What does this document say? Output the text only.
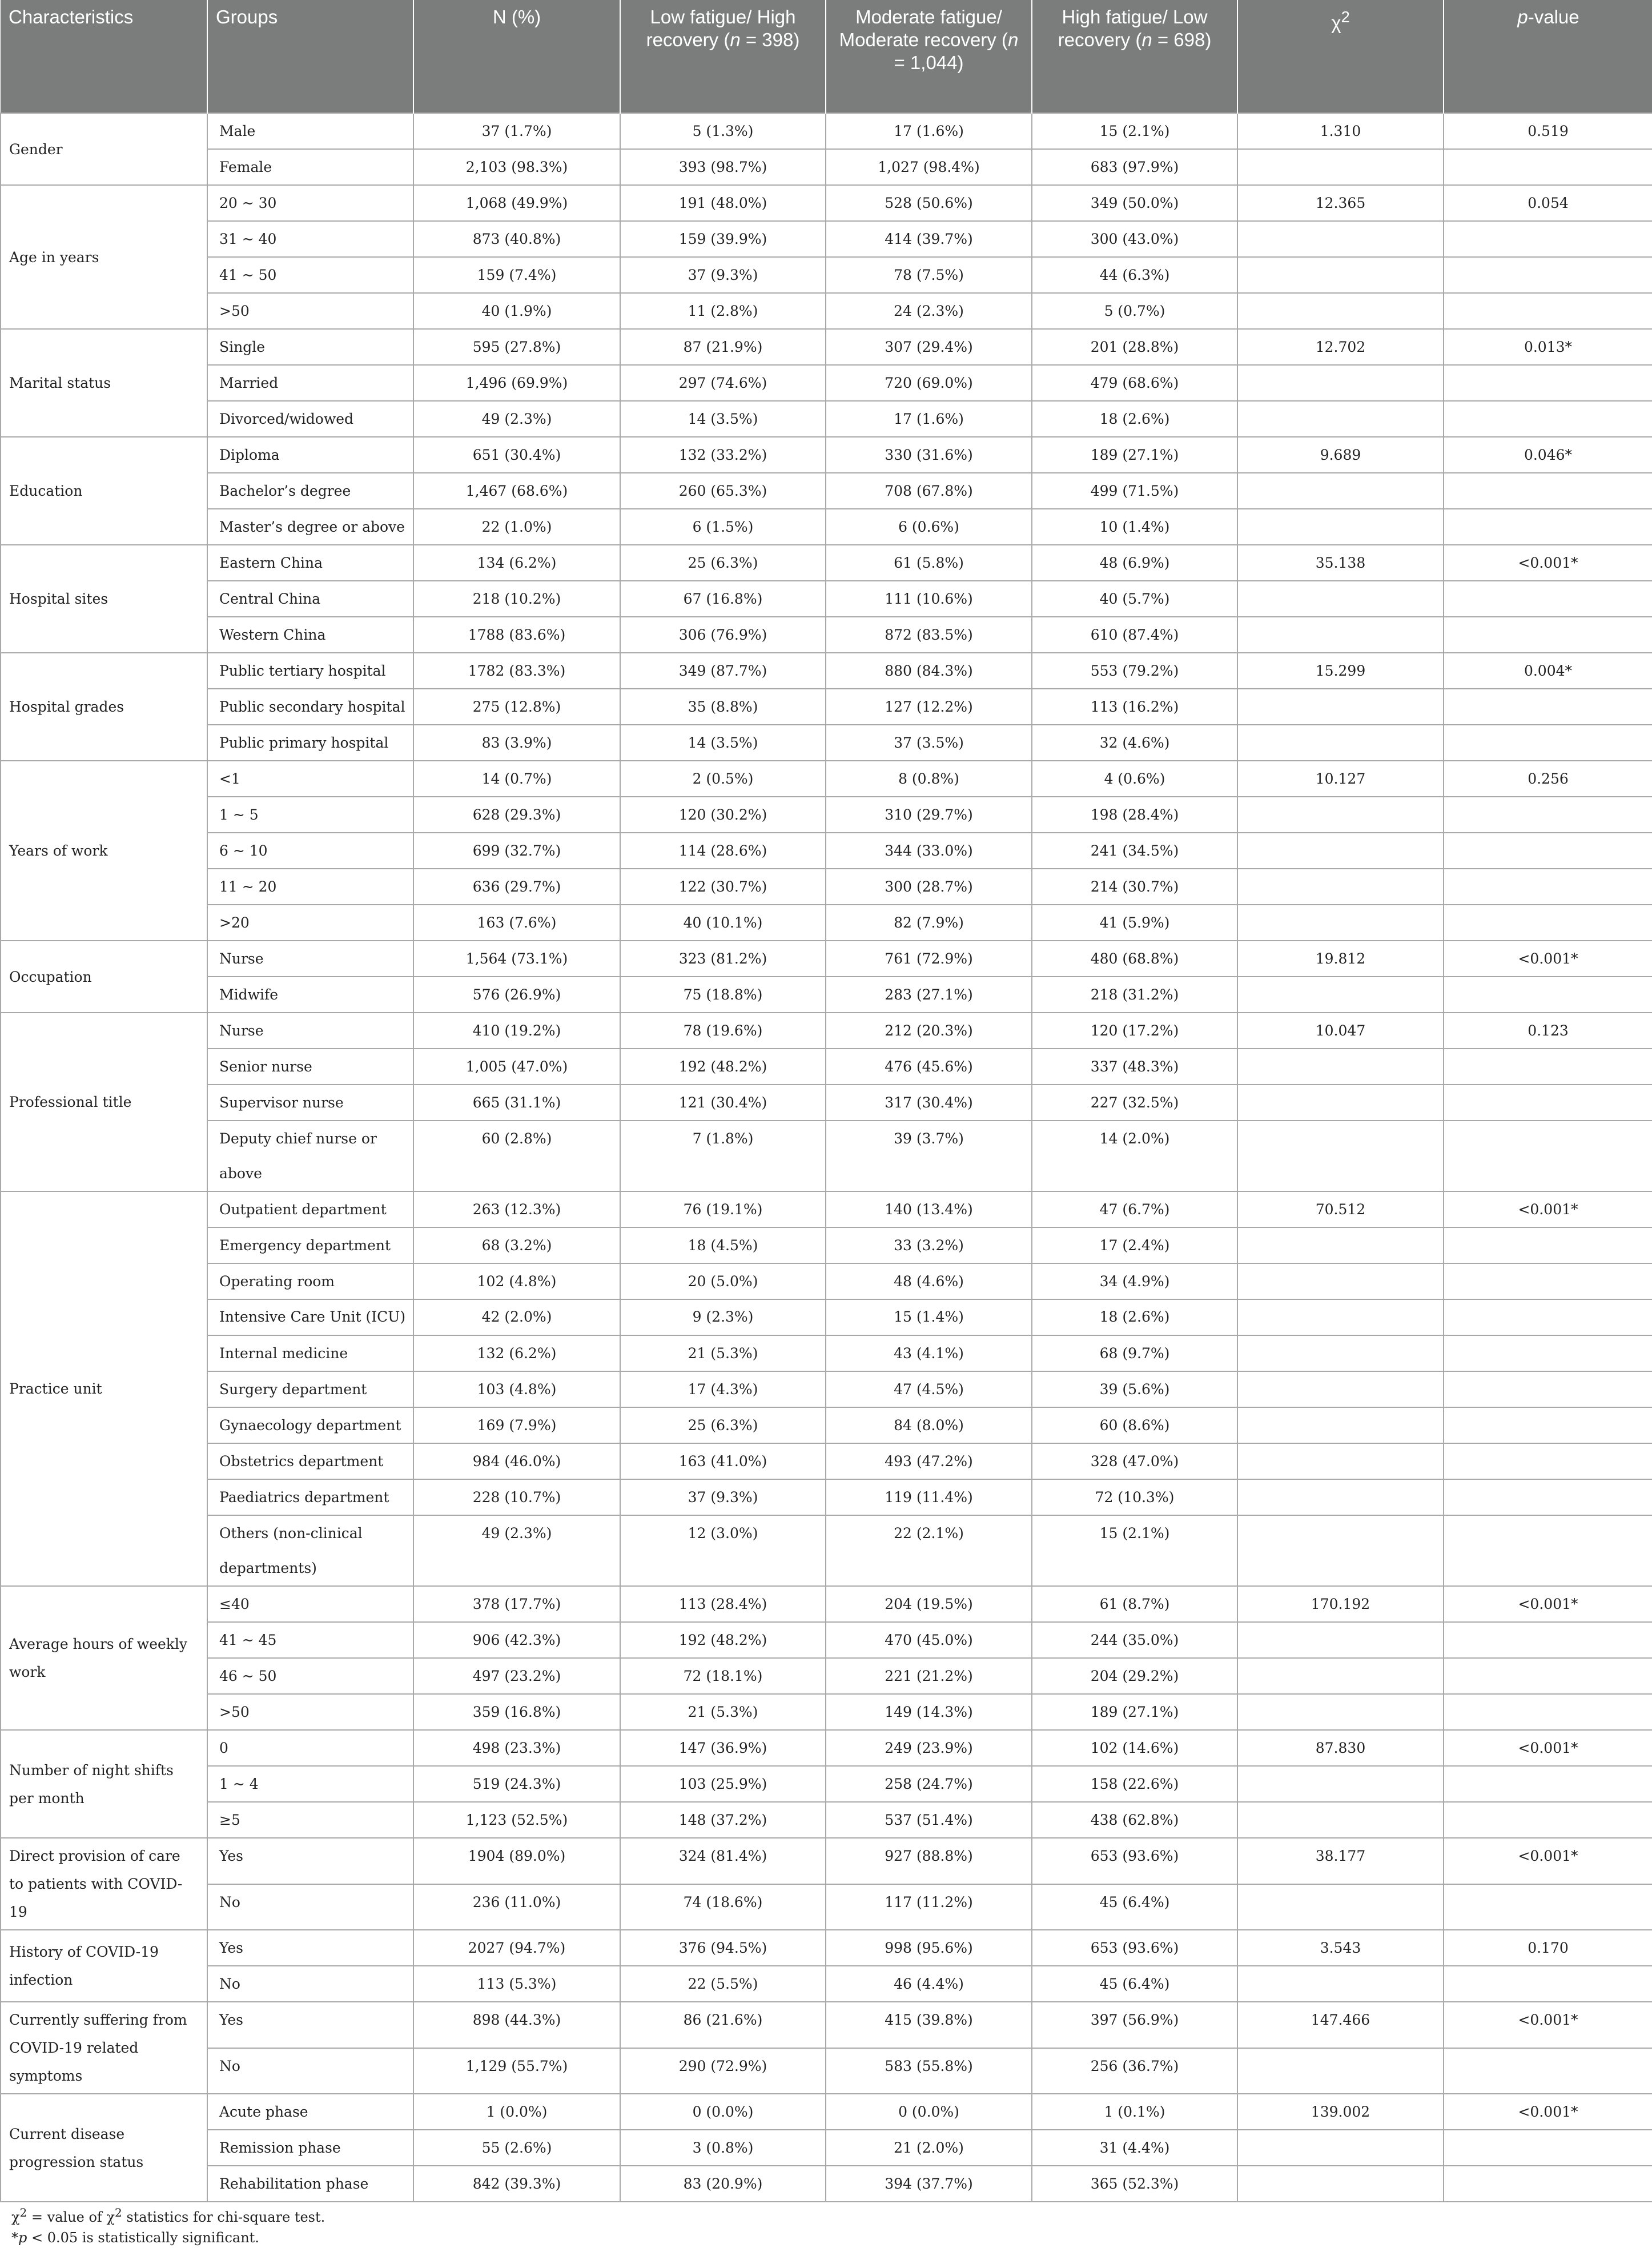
Characteristics	Groups	N (%)	Low fatigue/ High recovery (n = 398)	Moderate fatigue/ Moderate recovery (n = 1,044)	High fatigue/ Low recovery (n = 698)	$\chi^2$	p-value
Gender	Male	37 (1.7%)	5 (1.3%)	17 (1.6%)	15 (2.1%)	1.310	0.519
	Female	2,103 (98.3%)	393 (98.7%)	1,027 (98.4%)	683 (97.9%)		
Age in years	20 ~ 30	1,068 (49.9%)	191 (48.0%)	528 (50.6%)	349 (50.0%)	12.365	0.054
	31 ~ 40	873 (40.8%)	159 (39.9%)	414 (39.7%)	300 (43.0%)		
	41 ~ 50	159 (7.4%)	37 (9.3%)	78 (7.5%)	44 (6.3%)		
	>50	40 (1.9%)	11 (2.8%)	24 (2.3%)	5 (0.7%)		
Marital status	Single	595 (27.8%)	87 (21.9%)	307 (29.4%)	201 (28.8%)	12.702	0.013*
	Married	1,496 (69.9%)	297 (74.6%)	720 (69.0%)	479 (68.6%)		
	Divorced/widowed	49 (2.3%)	14 (3.5%)	17 (1.6%)	18 (2.6%)		
Education	Diploma	651 (30.4%)	132 (33.2%)	330 (31.6%)	189 (27.1%)	9.689	0.046*
	Bachelor’s degree	1,467 (68.6%)	260 (65.3%)	708 (67.8%)	499 (71.5%)		
	Master’s degree or above	22 (1.0%)	6 (1.5%)	6 (0.6%)	10 (1.4%)		
Hospital sites	Eastern China	134 (6.2%)	25 (6.3%)	61 (5.8%)	48 (6.9%)	35.138	<0.001*
	Central China	218 (10.2%)	67 (16.8%)	111 (10.6%)	40 (5.7%)		
	Western China	1788 (83.6%)	306 (76.9%)	872 (83.5%)	610 (87.4%)		
Hospital grades	Public tertiary hospital	1782 (83.3%)	349 (87.7%)	880 (84.3%)	553 (79.2%)	15.299	0.004*
	Public secondary hospital	275 (12.8%)	35 (8.8%)	127 (12.2%)	113 (16.2%)		
	Public primary hospital	83 (3.9%)	14 (3.5%)	37 (3.5%)	32 (4.6%)		
Years of work	<1	14 (0.7%)	2 (0.5%)	8 (0.8%)	4 (0.6%)	10.127	0.256
	1 ~ 5	628 (29.3%)	120 (30.2%)	310 (29.7%)	198 (28.4%)		
	6 ~ 10	699 (32.7%)	114 (28.6%)	344 (33.0%)	241 (34.5%)		
	11 ~ 20	636 (29.7%)	122 (30.7%)	300 (28.7%)	214 (30.7%)		
	>20	163 (7.6%)	40 (10.1%)	82 (7.9%)	41 (5.9%)		
Occupation	Nurse	1,564 (73.1%)	323 (81.2%)	761 (72.9%)	480 (68.8%)	19.812	<0.001*
	Midwife	576 (26.9%)	75 (18.8%)	283 (27.1%)	218 (31.2%)		
Professional title	Nurse	410 (19.2%)	78 (19.6%)	212 (20.3%)	120 (17.2%)	10.047	0.123
	Senior nurse	1,005 (47.0%)	192 (48.2%)	476 (45.6%)	337 (48.3%)		
	Supervisor nurse	665 (31.1%)	121 (30.4%)	317 (30.4%)	227 (32.5%)		
	Deputy chief nurse or above	60 (2.8%)	7 (1.8%)	39 (3.7%)	14 (2.0%)		
Practice unit	Outpatient department	263 (12.3%)	76 (19.1%)	140 (13.4%)	47 (6.7%)	70.512	<0.001*
	Emergency department	68 (3.2%)	18 (4.5%)	33 (3.2%)	17 (2.4%)		
	Operating room	102 (4.8%)	20 (5.0%)	48 (4.6%)	34 (4.9%)		
	Intensive Care Unit (ICU)	42 (2.0%)	9 (2.3%)	15 (1.4%)	18 (2.6%)		
	Internal medicine	132 (6.2%)	21 (5.3%)	43 (4.1%)	68 (9.7%)		
	Surgery department	103 (4.8%)	17 (4.3%)	47 (4.5%)	39 (5.6%)		
	Gynaecology department	169 (7.9%)	25 (6.3%)	84 (8.0%)	60 (8.6%)		
	Obstetrics department	984 (46.0%)	163 (41.0%)	493 (47.2%)	328 (47.0%)		
	Paediatrics department	228 (10.7%)	37 (9.3%)	119 (11.4%)	72 (10.3%)		
	Others (non-clinical departments)	49 (2.3%)	12 (3.0%)	22 (2.1%)	15 (2.1%)		
Average hours of weekly work	≤40	378 (17.7%)	113 (28.4%)	204 (19.5%)	61 (8.7%)	170.192	<0.001*
	41 ~ 45	906 (42.3%)	192 (48.2%)	470 (45.0%)	244 (35.0%)		
	46 ~ 50	497 (23.2%)	72 (18.1%)	221 (21.2%)	204 (29.2%)		
	>50	359 (16.8%)	21 (5.3%)	149 (14.3%)	189 (27.1%)		
Number of night shifts per month	0	498 (23.3%)	147 (36.9%)	249 (23.9%)	102 (14.6%)	87.830	<0.001*
	1 ~ 4	519 (24.3%)	103 (25.9%)	258 (24.7%)	158 (22.6%)		
	≥5	1,123 (52.5%)	148 (37.2%)	537 (51.4%)	438 (62.8%)		
Direct provision of care to patients with COVID-19	Yes	1904 (89.0%)	324 (81.4%)	927 (88.8%)	653 (93.6%)	38.177	<0.001*
	No	236 (11.0%)	74 (18.6%)	117 (11.2%)	45 (6.4%)		
History of COVID-19 infection	Yes	2027 (94.7%)	376 (94.5%)	998 (95.6%)	653 (93.6%)	3.543	0.170
	No	113 (5.3%)	22 (5.5%)	46 (4.4%)	45 (6.4%)		
Currently suffering from COVID-19 related symptoms	Yes	898 (44.3%)	86 (21.6%)	415 (39.8%)	397 (56.9%)	147.466	<0.001*
	No	1,129 (55.7%)	290 (72.9%)	583 (55.8%)	256 (36.7%)		
Current disease progression status	Acute phase	1 (0.0%)	0 (0.0%)	0 (0.0%)	1 (0.1%)	139.002	<0.001*
	Remission phase	55 (2.6%)	3 (0.8%)	21 (2.0%)	31 (4.4%)		
	Rehabilitation phase	842 (39.3%)	83 (20.9%)	394 (37.7%)	365 (52.3%)		
$\chi^2$ = value of $\chi^2$ statistics for chi-square test.
*p < 0.05 is statistically significant.
